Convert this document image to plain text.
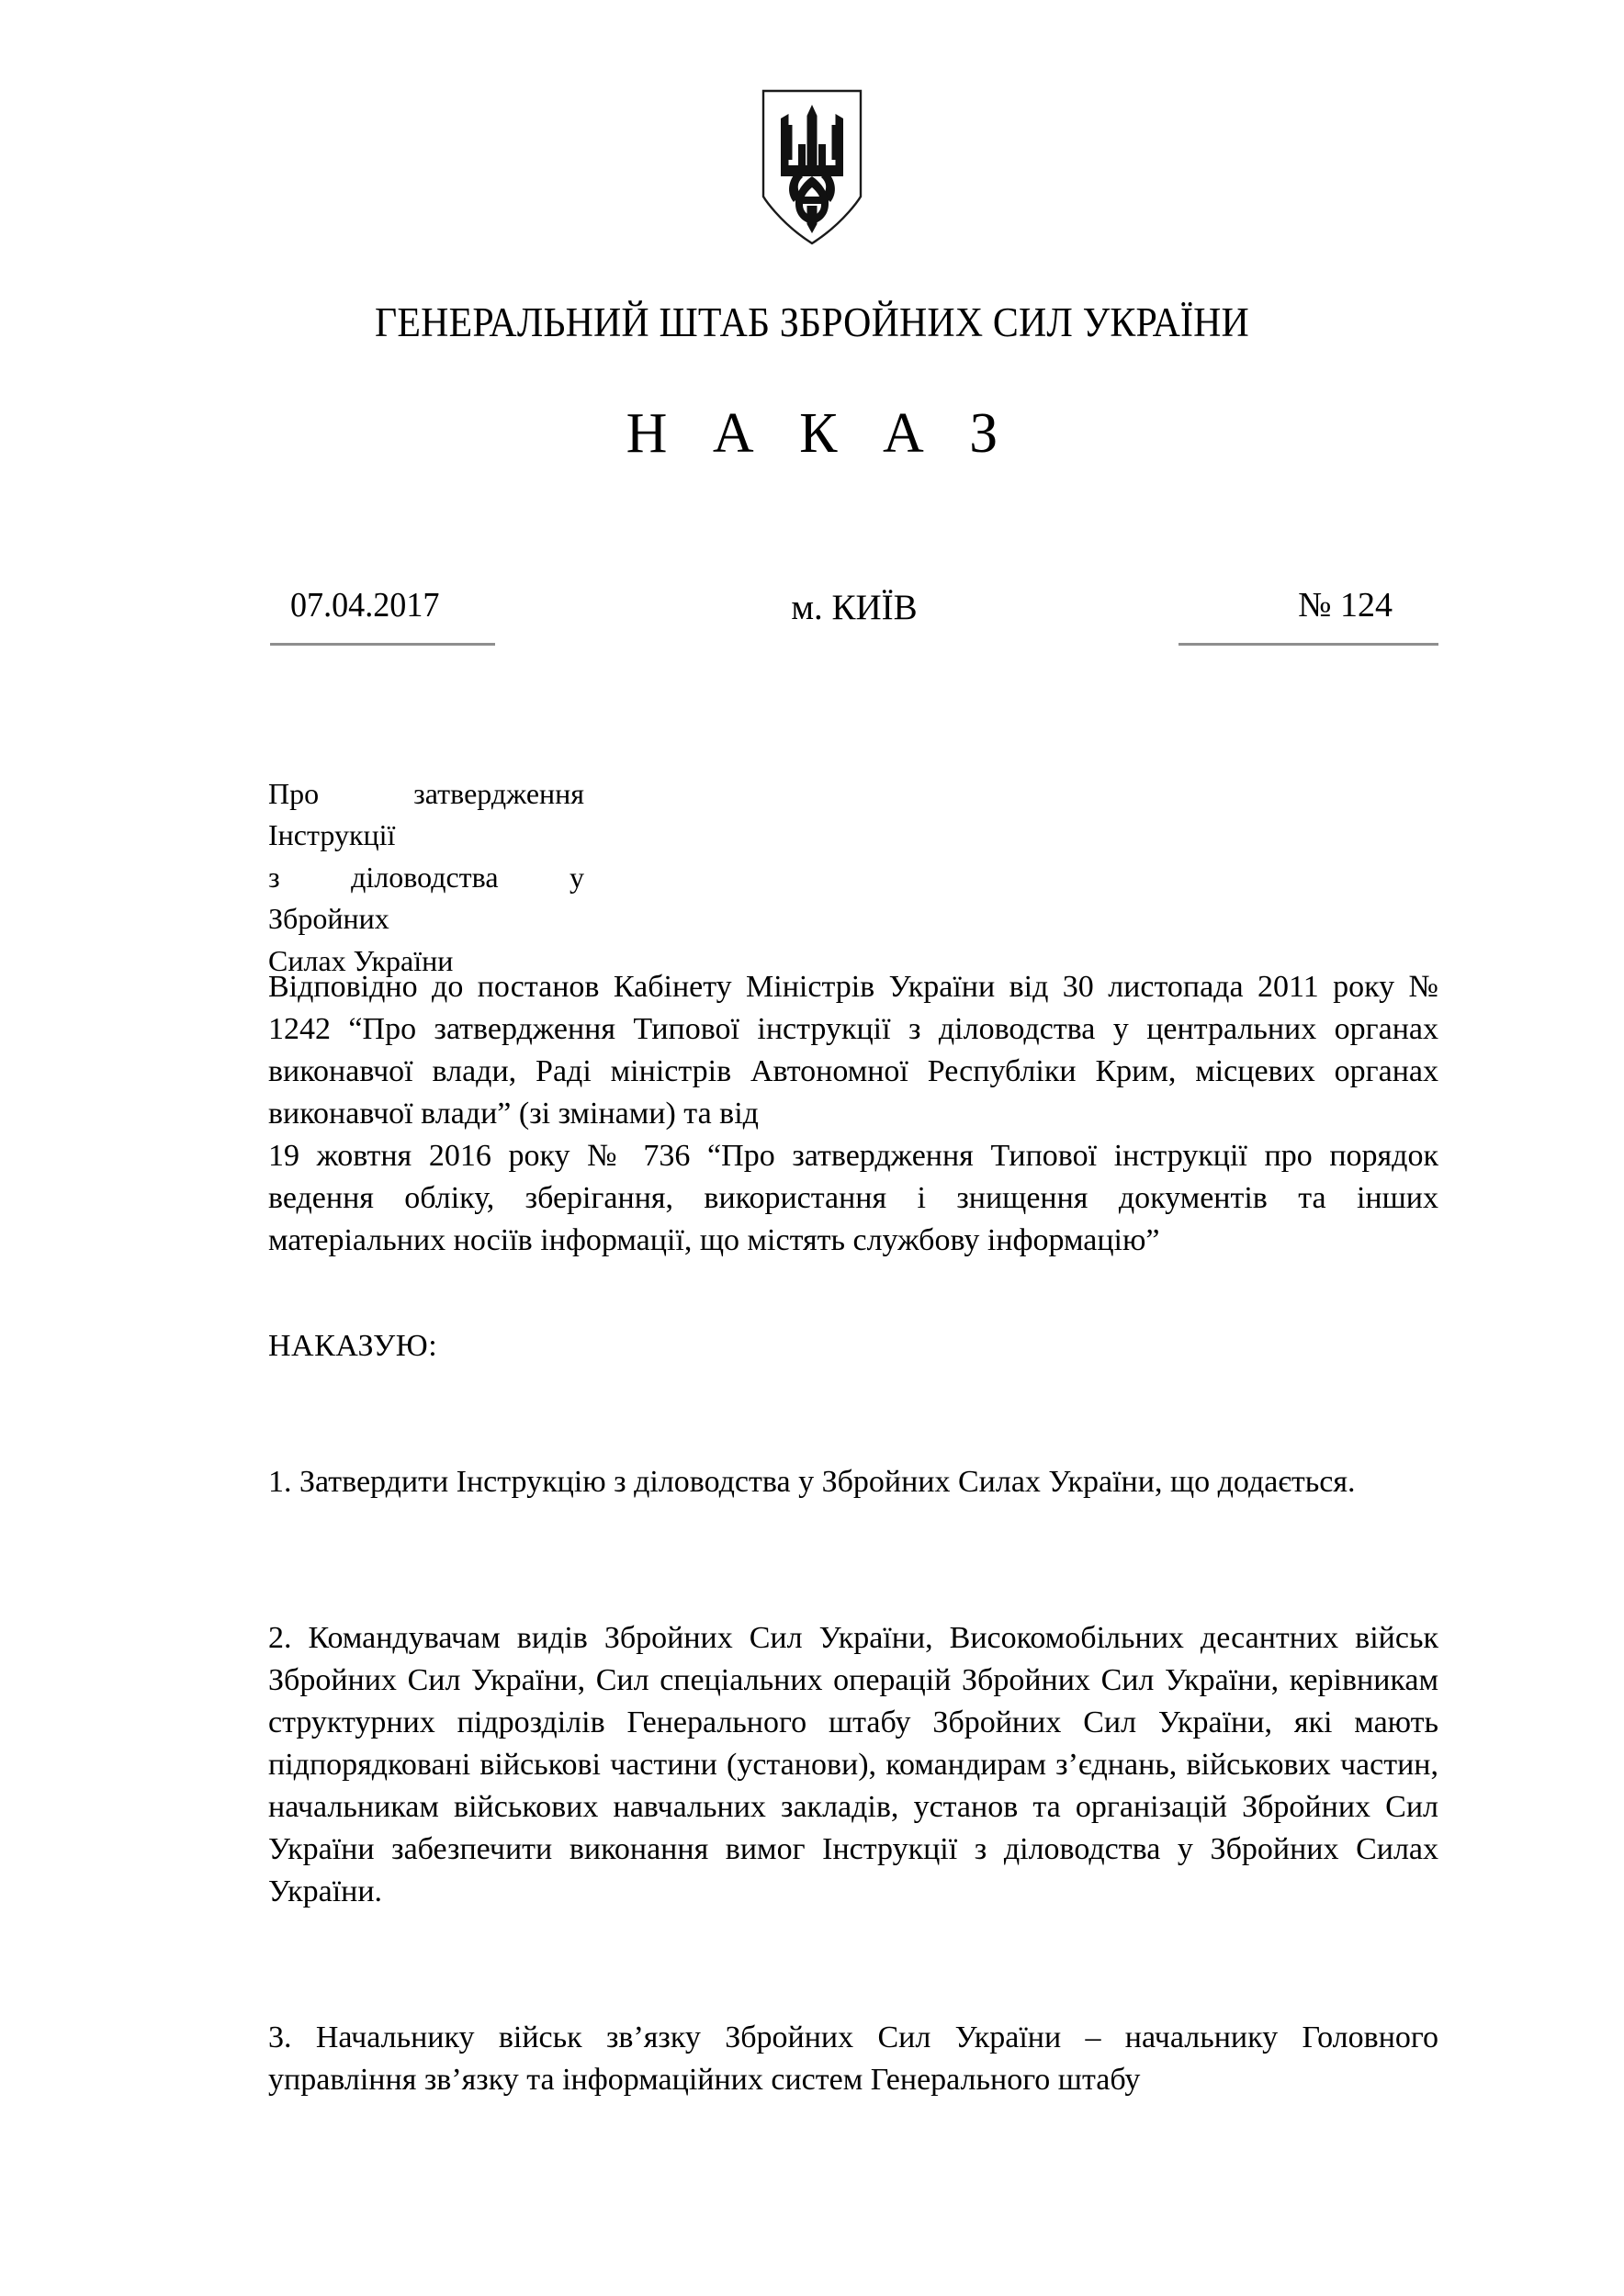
ГЕНЕРАЛЬНИЙ ШТАБ ЗБРОЙНИХ СИЛ УКРАЇНИ
Н А К А З
07.04.2017	м. КИЇВ	№ 124

Про затвердження Інструкції

з діловодства у Збройних

Силах України

Відповідно до постанов Кабінету Міністрів України від 30 листопада 2011 року № 1242 “Про затвердження Типової інструкції з діловодства у центральних органах виконавчої влади, Раді міністрів Автономної Республіки Крим, місцевих органах виконавчої влади” (зі змінами) та від

19 жовтня 2016 року № 736 “Про затвердження Типової інструкції про порядок ведення обліку, зберігання, використання і знищення документів та інших матеріальних носіїв інформації, що містять службову інформацію”

НАКАЗУЮ:

1. Затвердити Інструкцію з діловодства у Збройних Силах України, що додається.

2. Командувачам видів Збройних Сил України, Високомобільних десантних військ Збройних Сил України, Сил спеціальних операцій Збройних Сил України, керівникам структурних підрозділів Генерального штабу Збройних Сил України, які мають підпорядковані військові частини (установи), командирам з’єднань, військових частин, начальникам військових навчальних закладів, установ та організацій Збройних Сил України забезпечити виконання вимог Інструкції з діловодства у Збройних Силах України.

3. Начальнику військ зв’язку Збройних Сил України – начальнику Головного управління зв’язку та інформаційних систем Генерального штабу
